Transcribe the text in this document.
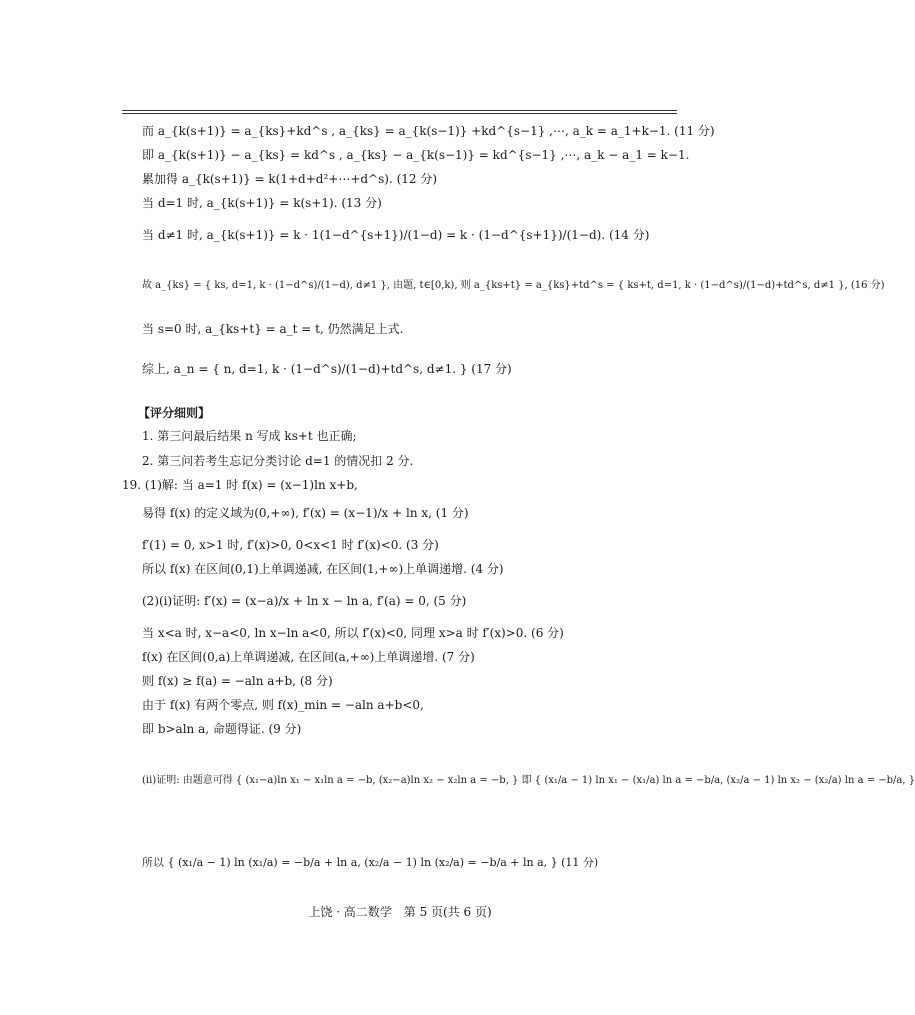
而 a_{k(s+1)} = a_{ks}+kd^s , a_{ks} = a_{k(s−1)} +kd^{s−1} ,⋯, a_k = a_1+k−1. (11 分)
即 a_{k(s+1)} − a_{ks} = kd^s , a_{ks} − a_{k(s−1)} = kd^{s−1} ,⋯, a_k − a_1 = k−1.
累加得 a_{k(s+1)} = k(1+d+d²+⋯+d^s). (12 分)
当 d=1 时, a_{k(s+1)} = k(s+1). (13 分)
当 d≠1 时, a_{k(s+1)} = k · 1(1−d^{s+1})/(1−d) = k · (1−d^{s+1})/(1−d). (14 分)
故 a_{ks} = { ks, d=1, k · (1−d^s)/(1−d), d≠1 }, 由题, t∈[0,k), 则 a_{ks+t} = a_{ks}+td^s = { ks+t, d=1, k · (1−d^s)/(1−d)+td^s, d≠1 }, (16 分)
当 s=0 时, a_{ks+t} = a_t = t, 仍然满足上式.
综上, a_n = { n, d=1, k · (1−d^s)/(1−d)+td^s, d≠1. } (17 分)
【评分细则】
1. 第三问最后结果 n 写成 ks+t 也正确;
2. 第三问若考生忘记分类讨论 d=1 的情况扣 2 分.
19. (1)解: 当 a=1 时 f(x) = (x−1)ln x+b,
易得 f(x) 的定义域为(0,+∞), f′(x) = (x−1)/x + ln x, (1 分)
f′(1) = 0, x>1 时, f′(x)>0, 0<x<1 时 f′(x)<0. (3 分)
所以 f(x) 在区间(0,1)上单调递减, 在区间(1,+∞)上单调递增. (4 分)
(2)(i)证明: f′(x) = (x−a)/x + ln x − ln a, f′(a) = 0, (5 分)
当 x<a 时, x−a<0, ln x−ln a<0, 所以 f′(x)<0, 同理 x>a 时 f′(x)>0. (6 分)
f(x) 在区间(0,a)上单调递减, 在区间(a,+∞)上单调递增. (7 分)
则 f(x) ≥ f(a) = −aln a+b, (8 分)
由于 f(x) 有两个零点, 则 f(x)_min = −aln a+b<0,
即 b>aln a, 命题得证. (9 分)
(ii)证明: 由题意可得 { (x₁−a)ln x₁ − x₁ln a = −b, (x₂−a)ln x₂ − x₂ln a = −b, } 即 { (x₁/a − 1) ln x₁ − (x₁/a) ln a = −b/a, (x₂/a − 1) ln x₂ − (x₂/a) ln a = −b/a, }
所以 { (x₁/a − 1) ln (x₁/a) = −b/a + ln a, (x₂/a − 1) ln (x₂/a) = −b/a + ln a, } (11 分)
上饶 · 高二数学　第 5 页(共 6 页)
